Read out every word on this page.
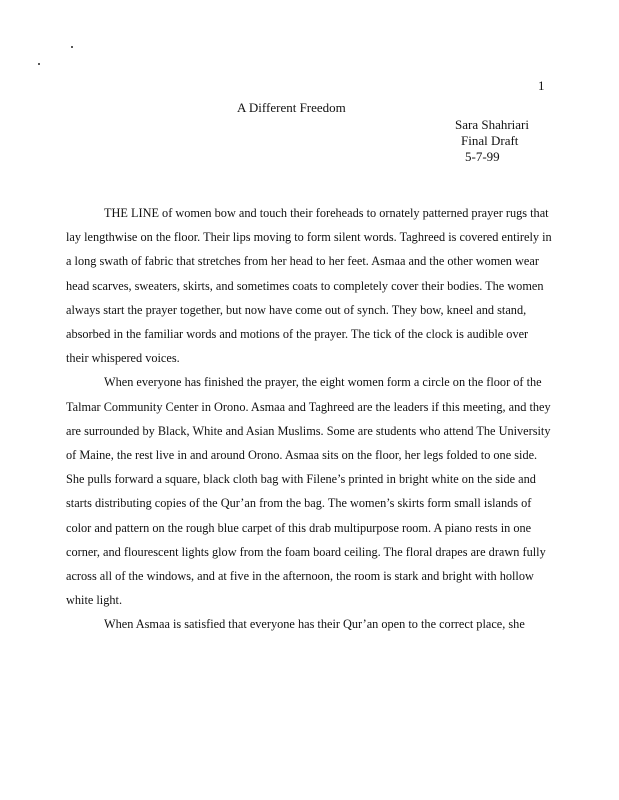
1
A Different Freedom
Sara Shahriari
Final Draft
5-7-99

THE LINE of women bow and touch their foreheads to ornately patterned prayer rugs that lay lengthwise on the floor. Their lips moving to form silent words. Taghreed is covered entirely in a long swath of fabric that stretches from her head to her feet. Asmaa and the other women wear head scarves, sweaters, skirts, and sometimes coats to completely cover their bodies. The women always start the prayer together, but now have come out of synch. They bow, kneel and stand, absorbed in the familiar words and motions of the prayer. The tick of the clock is audible over their whispered voices.

When everyone has finished the prayer, the eight women form a circle on the floor of the Talmar Community Center in Orono. Asmaa and Taghreed are the leaders if this meeting, and they are surrounded by Black, White and Asian Muslims. Some are students who attend The University of Maine, the rest live in and around Orono. Asmaa sits on the floor, her legs folded to one side. She pulls forward a square, black cloth bag with Filene’s printed in bright white on the side and starts distributing copies of the Qur’an from the bag. The women’s skirts form small islands of color and pattern on the rough blue carpet of this drab multipurpose room. A piano rests in one corner, and flourescent lights glow from the foam board ceiling. The floral drapes are drawn fully across all of the windows, and at five in the afternoon, the room is stark and bright with hollow white light.

When Asmaa is satisfied that everyone has their Qur’an open to the correct place, she
